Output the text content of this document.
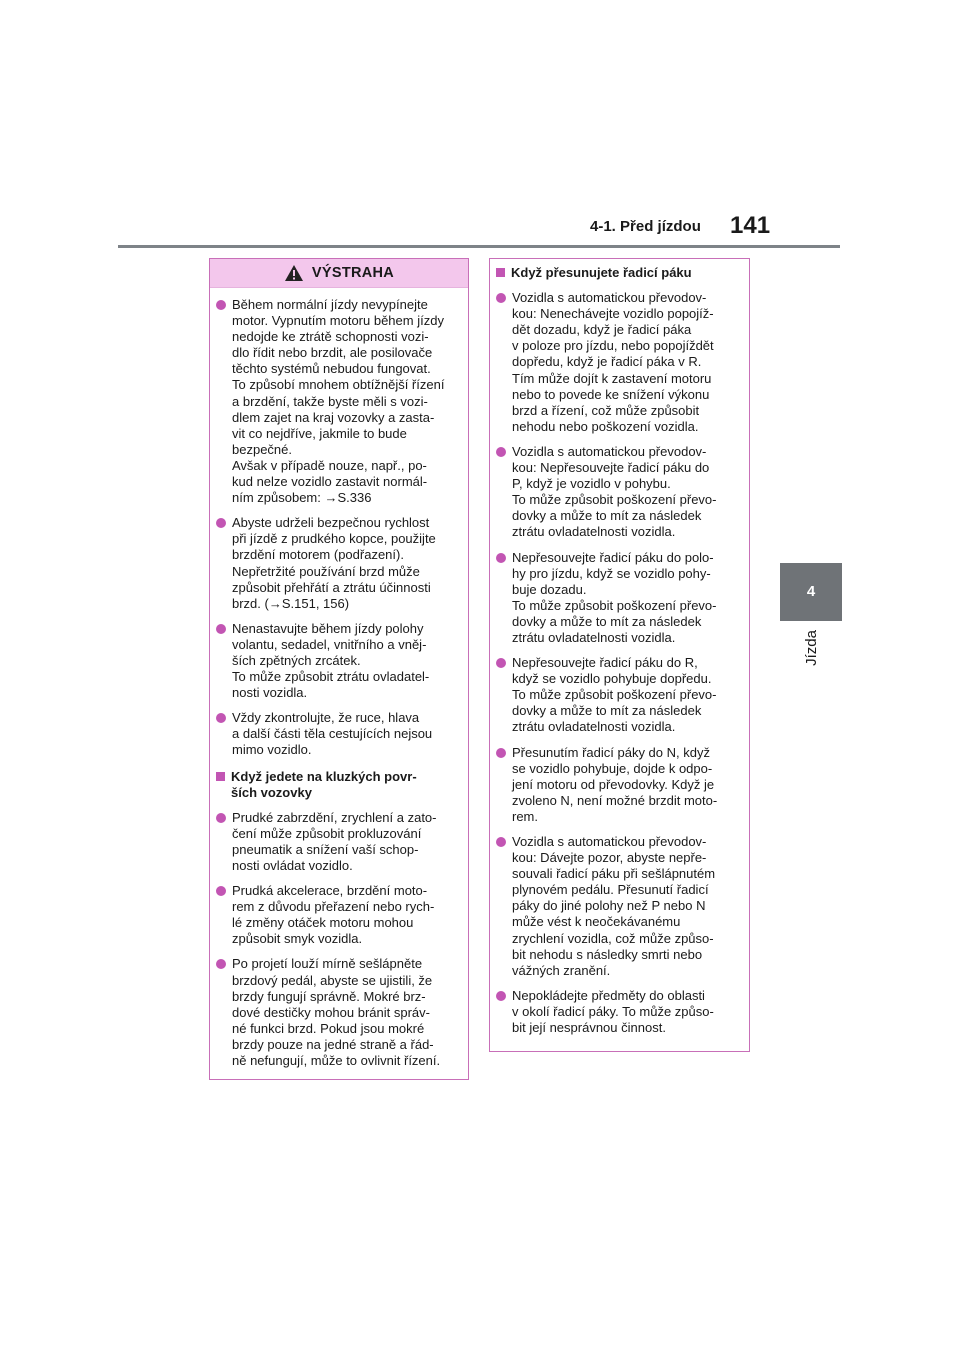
4-1. Před jízdou 141
4
Jízda
VÝSTRAHA
Během normální jízdy nevypínejte
motor. Vypnutím motoru během jízdy
nedojde ke ztrátě schopnosti vozi-
dlo řídit nebo brzdit, ale posilovače
těchto systémů nebudou fungovat.
To způsobí mnohem obtížnější řízení
a brzdění, takže byste měli s vozi-
dlem zajet na kraj vozovky a zasta-
vit co nejdříve, jakmile to bude
bezpečné.
Avšak v případě nouze, např., po-
kud nelze vozidlo zastavit normál-
ním způsobem: →S.336
Abyste udrželi bezpečnou rychlost
při jízdě z prudkého kopce, použijte
brzdění motorem (podřazení).
Nepřetržité používání brzd může
způsobit přehřátí a ztrátu účinnosti
brzd. (→S.151, 156)
Nenastavujte během jízdy polohy
volantu, sedadel, vnitřního a vněj-
ších zpětných zrcátek.
To může způsobit ztrátu ovladatel-
nosti vozidla.
Vždy zkontrolujte, že ruce, hlava
a další části těla cestujících nejsou
mimo vozidlo.
Když jedete na kluzkých povr-
ších vozovky
Prudké zabrzdění, zrychlení a zato-
čení může způsobit prokluzování
pneumatik a snížení vaší schop-
nosti ovládat vozidlo.
Prudká akcelerace, brzdění moto-
rem z důvodu přeřazení nebo rych-
lé změny otáček motoru mohou
způsobit smyk vozidla.
Po projetí louží mírně sešlápněte
brzdový pedál, abyste se ujistili, že
brzdy fungují správně. Mokré brz-
dové destičky mohou bránit správ-
né funkci brzd. Pokud jsou mokré
brzdy pouze na jedné straně a řád-
ně nefungují, může to ovlivnit řízení.
Když přesunujete řadicí páku
Vozidla s automatickou převodov-
kou: Nenechávejte vozidlo popojíž-
dět dozadu, když je řadicí páka
v poloze pro jízdu, nebo popojíždět
dopředu, když je řadicí páka v R.
Tím může dojít k zastavení motoru
nebo to povede ke snížení výkonu
brzd a řízení, což může způsobit
nehodu nebo poškození vozidla.
Vozidla s automatickou převodov-
kou: Nepřesouvejte řadicí páku do
P, když je vozidlo v pohybu.
To může způsobit poškození převo-
dovky a může to mít za následek
ztrátu ovladatelnosti vozidla.
Nepřesouvejte řadicí páku do polo-
hy pro jízdu, když se vozidlo pohy-
buje dozadu.
To může způsobit poškození převo-
dovky a může to mít za následek
ztrátu ovladatelnosti vozidla.
Nepřesouvejte řadicí páku do R,
když se vozidlo pohybuje dopředu.
To může způsobit poškození převo-
dovky a může to mít za následek
ztrátu ovladatelnosti vozidla.
Přesunutím řadicí páky do N, když
se vozidlo pohybuje, dojde k odpo-
jení motoru od převodovky. Když je
zvoleno N, není možné brzdit moto-
rem.
Vozidla s automatickou převodov-
kou: Dávejte pozor, abyste nepře-
souvali řadicí páku při sešlápnutém
plynovém pedálu. Přesunutí řadicí
páky do jiné polohy než P nebo N
může vést k neočekávanému
zrychlení vozidla, což může způso-
bit nehodu s následky smrti nebo
vážných zranění.
Nepokládejte předměty do oblasti
v okolí řadicí páky. To může způso-
bit její nesprávnou činnost.
